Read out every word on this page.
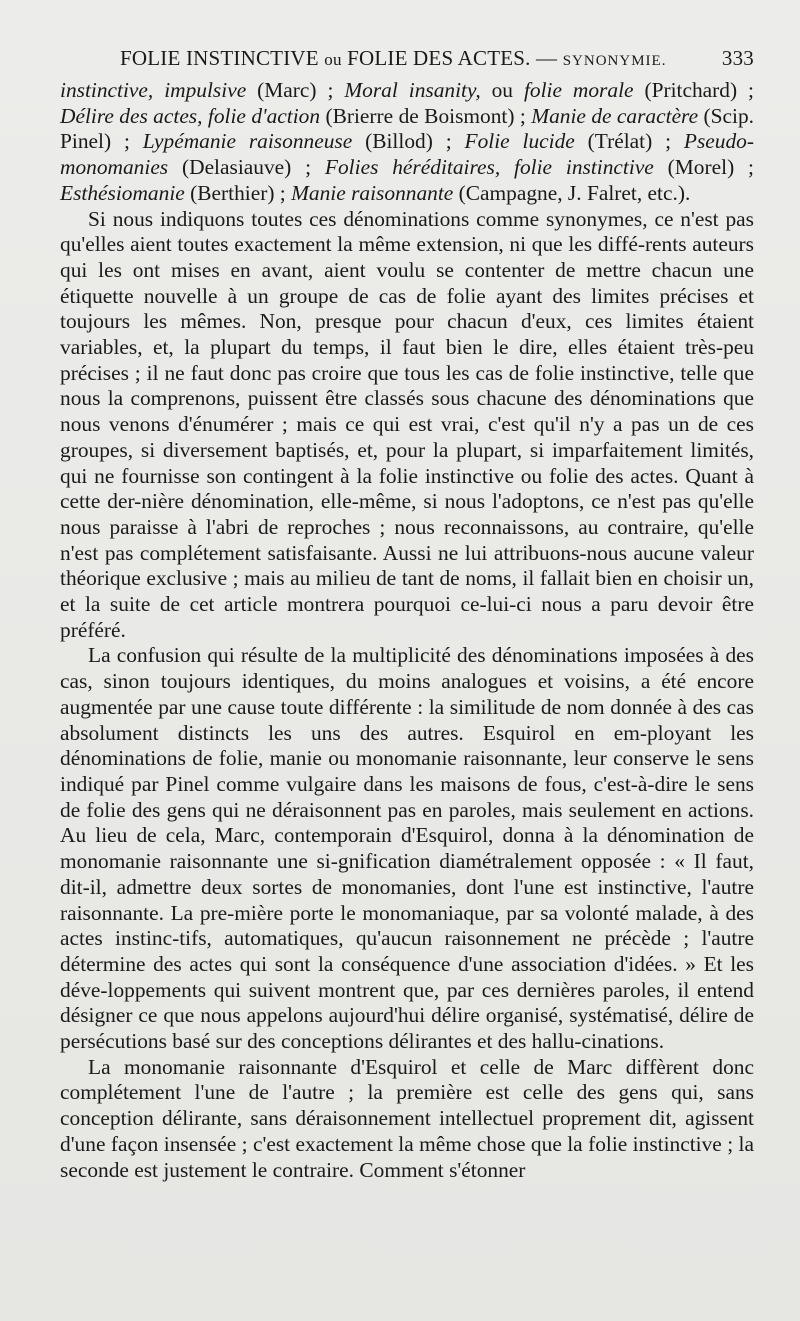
FOLIE INSTINCTIVE ou FOLIE DES ACTES. — SYNONYMIE.	333

instinctive, impulsive (Marc) ; Moral insanity, ou folie morale (Pritchard) ; Délire des actes, folie d'action (Brierre de Boismont) ; Manie de caractère (Scip. Pinel) ; Lypémanie raisonneuse (Billod) ; Folie lucide (Trélat) ; Pseudo-monomanies (Delasiauve) ; Folies héréditaires, folie instinctive (Morel) ; Esthésiomanie (Berthier) ; Manie raisonnante (Campagne, J. Falret, etc.).

Si nous indiquons toutes ces dénominations comme synonymes, ce n'est pas qu'elles aient toutes exactement la même extension, ni que les diffé-rents auteurs qui les ont mises en avant, aient voulu se contenter de mettre chacun une étiquette nouvelle à un groupe de cas de folie ayant des limites précises et toujours les mêmes. Non, presque pour chacun d'eux, ces limites étaient variables, et, la plupart du temps, il faut bien le dire, elles étaient très-peu précises ; il ne faut donc pas croire que tous les cas de folie instinctive, telle que nous la comprenons, puissent être classés sous chacune des dénominations que nous venons d'énumérer ; mais ce qui est vrai, c'est qu'il n'y a pas un de ces groupes, si diversement baptisés, et, pour la plupart, si imparfaitement limités, qui ne fournisse son contingent à la folie instinctive ou folie des actes. Quant à cette der-nière dénomination, elle-même, si nous l'adoptons, ce n'est pas qu'elle nous paraisse à l'abri de reproches ; nous reconnaissons, au contraire, qu'elle n'est pas complétement satisfaisante. Aussi ne lui attribuons-nous aucune valeur théorique exclusive ; mais au milieu de tant de noms, il fallait bien en choisir un, et la suite de cet article montrera pourquoi ce-lui-ci nous a paru devoir être préféré.

La confusion qui résulte de la multiplicité des dénominations imposées à des cas, sinon toujours identiques, du moins analogues et voisins, a été encore augmentée par une cause toute différente : la similitude de nom donnée à des cas absolument distincts les uns des autres. Esquirol en em-ployant les dénominations de folie, manie ou monomanie raisonnante, leur conserve le sens indiqué par Pinel comme vulgaire dans les maisons de fous, c'est-à-dire le sens de folie des gens qui ne déraisonnent pas en paroles, mais seulement en actions. Au lieu de cela, Marc, contemporain d'Esquirol, donna à la dénomination de monomanie raisonnante une si-gnification diamétralement opposée : « Il faut, dit-il, admettre deux sortes de monomanies, dont l'une est instinctive, l'autre raisonnante. La pre-mière porte le monomaniaque, par sa volonté malade, à des actes instinc-tifs, automatiques, qu'aucun raisonnement ne précède ; l'autre détermine des actes qui sont la conséquence d'une association d'idées. » Et les déve-loppements qui suivent montrent que, par ces dernières paroles, il entend désigner ce que nous appelons aujourd'hui délire organisé, systématisé, délire de persécutions basé sur des conceptions délirantes et des hallu-cinations.

La monomanie raisonnante d'Esquirol et celle de Marc diffèrent donc complétement l'une de l'autre ; la première est celle des gens qui, sans conception délirante, sans déraisonnement intellectuel proprement dit, agissent d'une façon insensée ; c'est exactement la même chose que la folie instinctive ; la seconde est justement le contraire. Comment s'étonner
